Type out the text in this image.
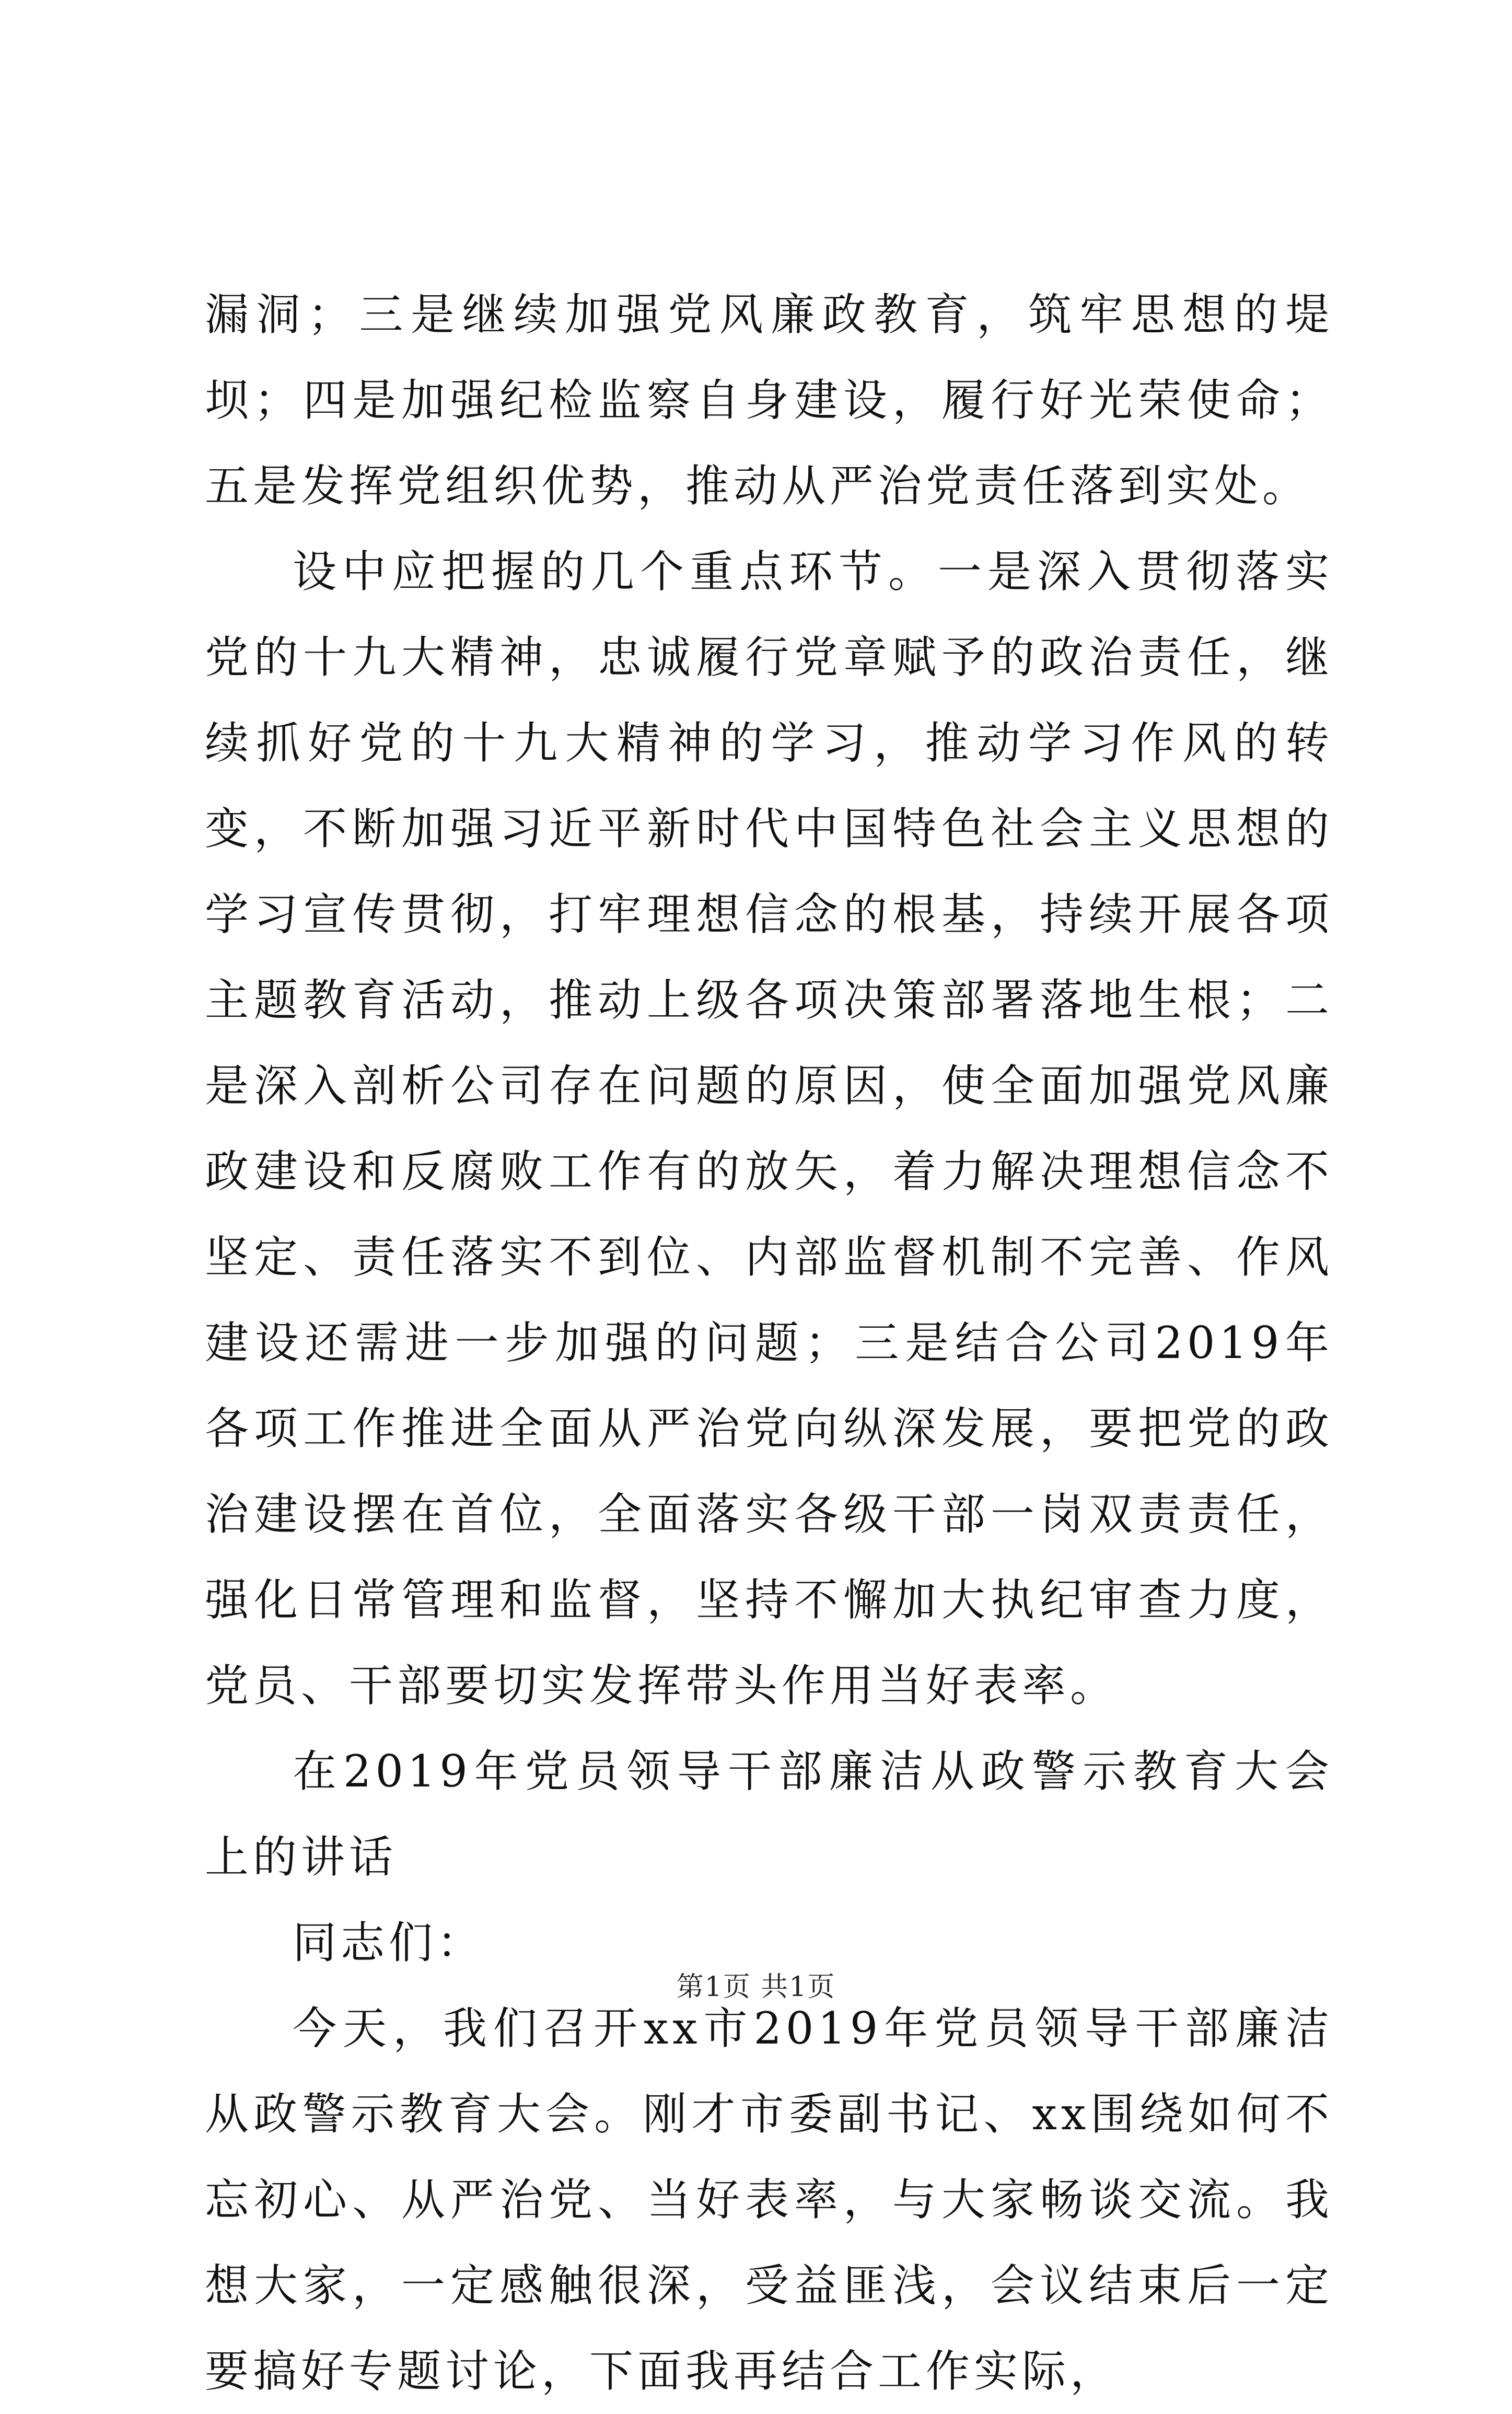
漏洞；三是继续加强党风廉政教育，筑牢思想的堤坝；四是加强纪检监察自身建设，履行好光荣使命；五是发挥党组织优势，推动从严治党责任落到实处。

设中应把握的几个重点环节。一是深入贯彻落实党的十九大精神，忠诚履行党章赋予的政治责任，继续抓好党的十九大精神的学习，推动学习作风的转变，不断加强习近平新时代中国特色社会主义思想的学习宣传贯彻，打牢理想信念的根基，持续开展各项主题教育活动，推动上级各项决策部署落地生根；二是深入剖析公司存在问题的原因，使全面加强党风廉政建设和反腐败工作有的放矢，着力解决理想信念不坚定、责任落实不到位、内部监督机制不完善、作风建设还需进一步加强的问题；三是结合公司2019年各项工作推进全面从严治党向纵深发展，要把党的政治建设摆在首位，全面落实各级干部一岗双责责任，强化日常管理和监督，坚持不懈加大执纪审查力度，党员、干部要切实发挥带头作用当好表率。

在2019年党员领导干部廉洁从政警示教育大会上的讲话

同志们：

今天，我们召开xx市2019年党员领导干部廉洁从政警示教育大会。刚才市委副书记、xx围绕如何不忘初心、从严治党、当好表率，与大家畅谈交流。我想大家，一定感触很深，受益匪浅，会议结束后一定要搞好专题讨论，下面我再结合工作实际，

第1页 共1页
